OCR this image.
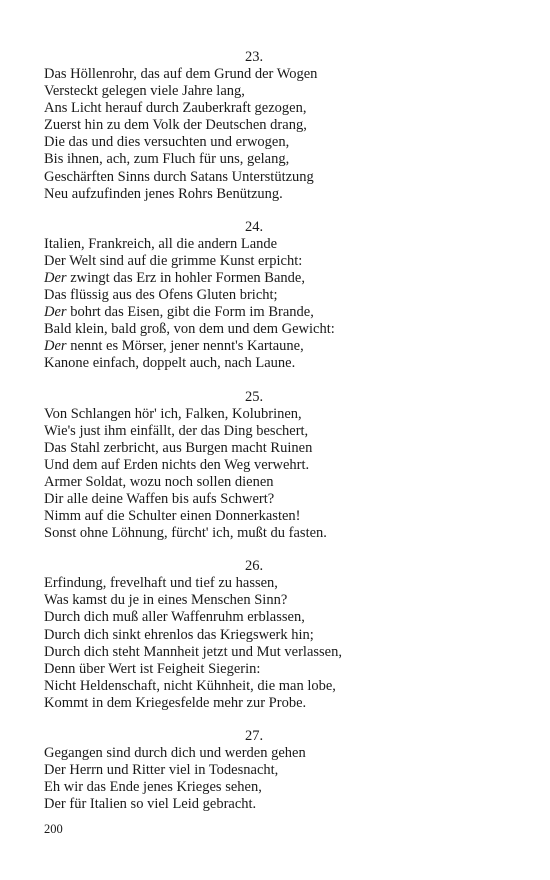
23.
Das Höllenrohr, das auf dem Grund der Wogen
Versteckt gelegen viele Jahre lang,
Ans Licht herauf durch Zauberkraft gezogen,
Zuerst hin zu dem Volk der Deutschen drang,
Die das und dies versuchten und erwogen,
Bis ihnen, ach, zum Fluch für uns, gelang,
Geschärften Sinns durch Satans Unterstützung
Neu aufzufinden jenes Rohrs Benützung.
24.
Italien, Frankreich, all die andern Lande
Der Welt sind auf die grimme Kunst erpicht:
Der zwingt das Erz in hohler Formen Bande,
Das flüssig aus des Ofens Gluten bricht;
Der bohrt das Eisen, gibt die Form im Brande,
Bald klein, bald groß, von dem und dem Gewicht:
Der nennt es Mörser, jener nennt's Kartaune,
Kanone einfach, doppelt auch, nach Laune.
25.
Von Schlangen hör' ich, Falken, Kolubrinen,
Wie's just ihm einfällt, der das Ding beschert,
Das Stahl zerbricht, aus Burgen macht Ruinen
Und dem auf Erden nichts den Weg verwehrt.
Armer Soldat, wozu noch sollen dienen
Dir alle deine Waffen bis aufs Schwert?
Nimm auf die Schulter einen Donnerkasten!
Sonst ohne Löhnung, fürcht' ich, mußt du fasten.
26.
Erfindung, frevelhaft und tief zu hassen,
Was kamst du je in eines Menschen Sinn?
Durch dich muß aller Waffenruhm erblassen,
Durch dich sinkt ehrenlos das Kriegswerk hin;
Durch dich steht Mannheit jetzt und Mut verlassen,
Denn über Wert ist Feigheit Siegerin:
Nicht Heldenschaft, nicht Kühnheit, die man lobe,
Kommt in dem Kriegesfelde mehr zur Probe.
27.
Gegangen sind durch dich und werden gehen
Der Herrn und Ritter viel in Todesnacht,
Eh wir das Ende jenes Krieges sehen,
Der für Italien so viel Leid gebracht.
200
